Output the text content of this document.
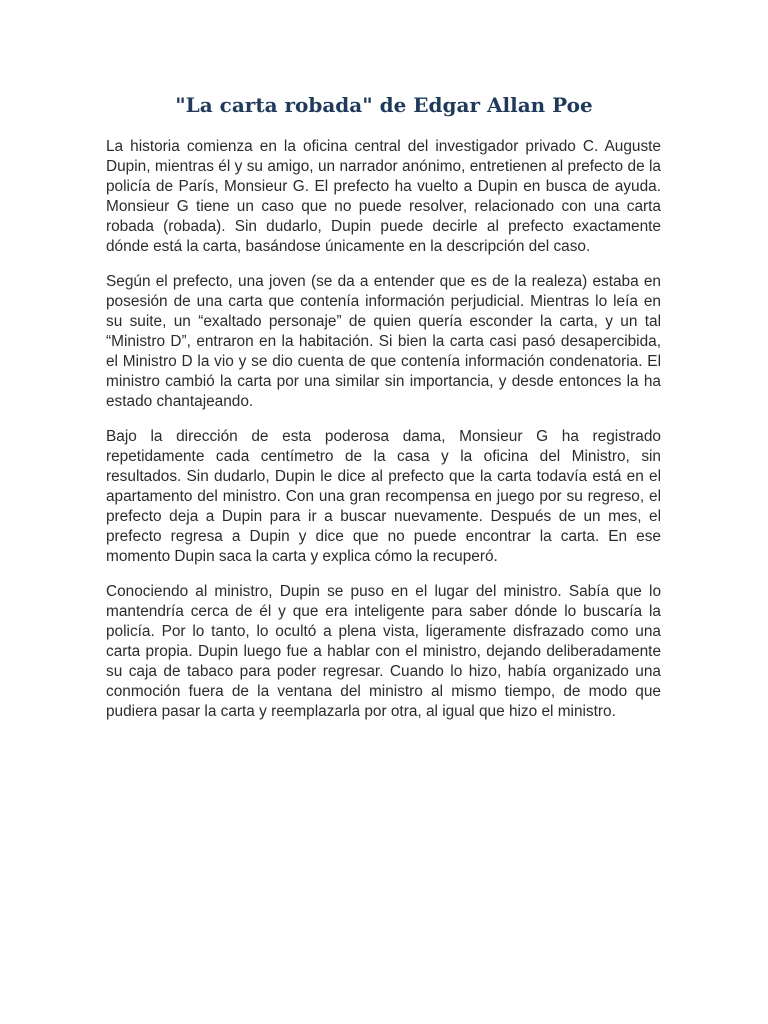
"La carta robada" de Edgar Allan Poe

La historia comienza en la oficina central del investigador privado C. Auguste Dupin, mientras él y su amigo, un narrador anónimo, entretienen al prefecto de la policía de París, Monsieur G. El prefecto ha vuelto a Dupin en busca de ayuda. Monsieur G tiene un caso que no puede resolver, relacionado con una carta robada (robada). Sin dudarlo, Dupin puede decirle al prefecto exactamente dónde está la carta, basándose únicamente en la descripción del caso.

Según el prefecto, una joven (se da a entender que es de la realeza) estaba en posesión de una carta que contenía información perjudicial. Mientras lo leía en su suite, un “exaltado personaje” de quien quería esconder la carta, y un tal “Ministro D”, entraron en la habitación. Si bien la carta casi pasó desapercibida, el Ministro D la vio y se dio cuenta de que contenía información condenatoria. El ministro cambió la carta por una similar sin importancia, y desde entonces la ha estado chantajeando.

Bajo la dirección de esta poderosa dama, Monsieur G ha registrado repetidamente cada centímetro de la casa y la oficina del Ministro, sin resultados. Sin dudarlo, Dupin le dice al prefecto que la carta todavía está en el apartamento del ministro. Con una gran recompensa en juego por su regreso, el prefecto deja a Dupin para ir a buscar nuevamente. Después de un mes, el prefecto regresa a Dupin y dice que no puede encontrar la carta. En ese momento Dupin saca la carta y explica cómo la recuperó.

Conociendo al ministro, Dupin se puso en el lugar del ministro. Sabía que lo mantendría cerca de él y que era inteligente para saber dónde lo buscaría la policía. Por lo tanto, lo ocultó a plena vista, ligeramente disfrazado como una carta propia. Dupin luego fue a hablar con el ministro, dejando deliberadamente su caja de tabaco para poder regresar. Cuando lo hizo, había organizado una conmoción fuera de la ventana del ministro al mismo tiempo, de modo que pudiera pasar la carta y reemplazarla por otra, al igual que hizo el ministro.
